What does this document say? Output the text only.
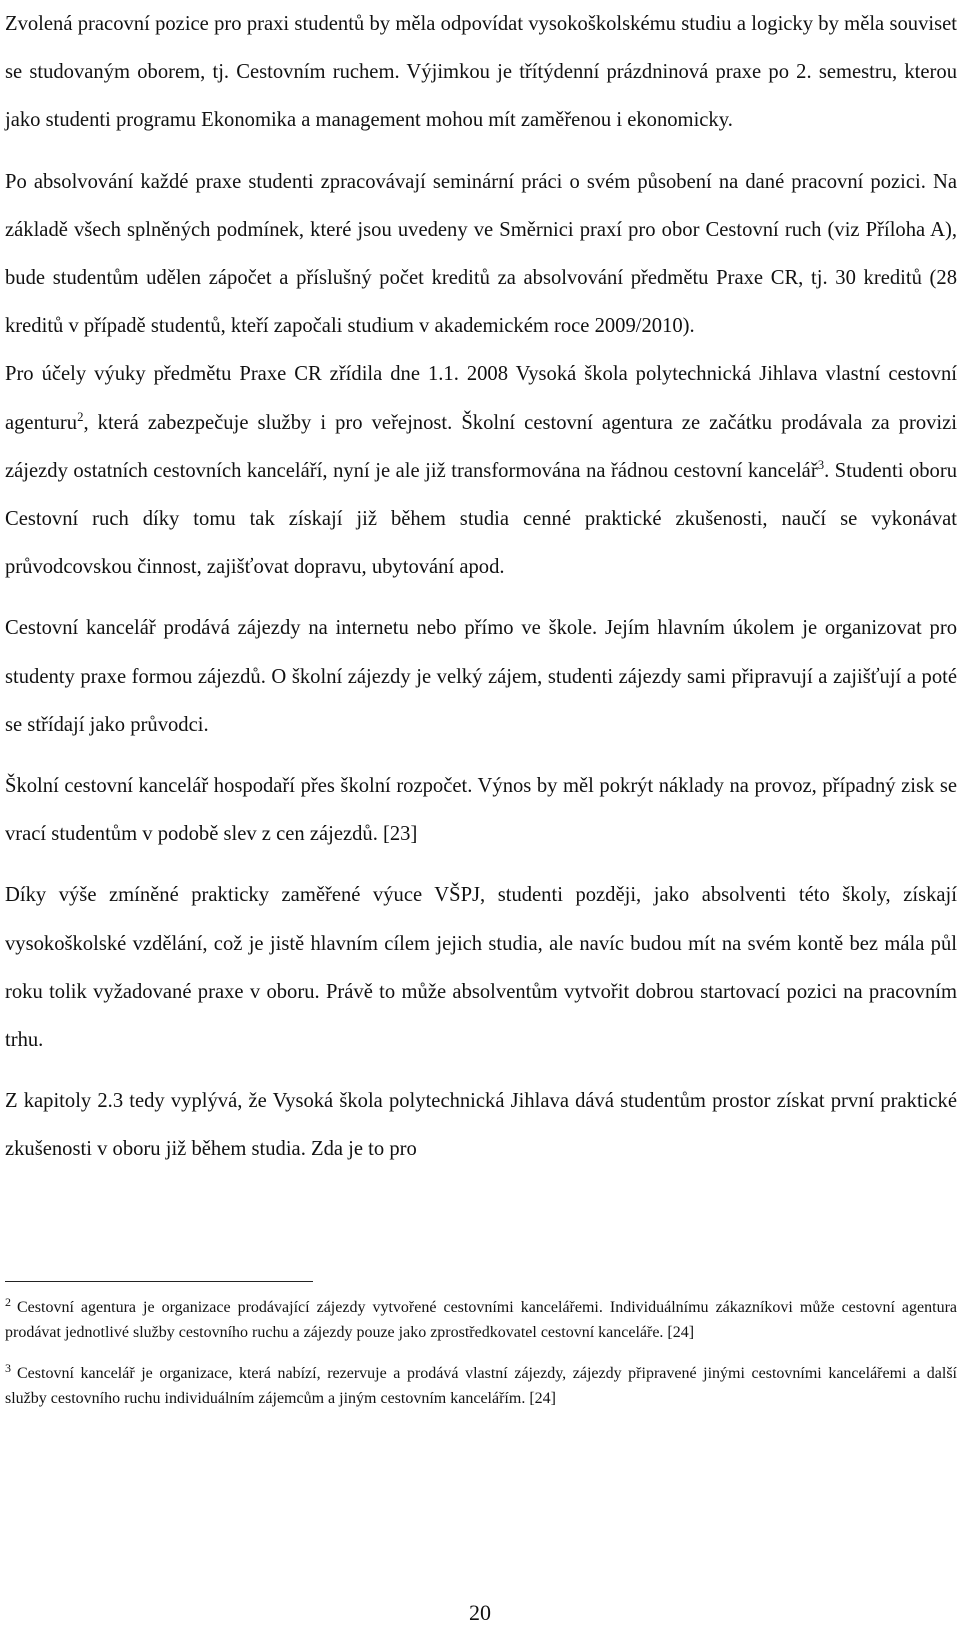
Zvolená pracovní pozice pro praxi studentů by měla odpovídat vysokoškolskému studiu a logicky by měla souviset se studovaným oborem, tj. Cestovním ruchem. Výjimkou je třítýdenní prázdninová praxe po 2. semestru, kterou jako studenti programu Ekonomika a management mohou mít zaměřenou i ekonomicky.

Po absolvování každé praxe studenti zpracovávají seminární práci o svém působení na dané pracovní pozici. Na základě všech splněných podmínek, které jsou uvedeny ve Směrnici praxí pro obor Cestovní ruch (viz Příloha A), bude studentům udělen zápočet a příslušný počet kreditů za absolvování předmětu Praxe CR, tj. 30 kreditů (28 kreditů v případě studentů, kteří započali studium v akademickém roce 2009/2010).

Pro účely výuky předmětu Praxe CR zřídila dne 1.1. 2008 Vysoká škola polytechnická Jihlava vlastní cestovní agenturu$^2$, která zabezpečuje služby i pro veřejnost. Školní cestovní agentura ze začátku prodávala za provizi zájezdy ostatních cestovních kanceláří, nyní je ale již transformována na řádnou cestovní kancelář$^3$. Studenti oboru Cestovní ruch díky tomu tak získají již během studia cenné praktické zkušenosti, naučí se vykonávat průvodcovskou činnost, zajišťovat dopravu, ubytování apod.

Cestovní kancelář prodává zájezdy na internetu nebo přímo ve škole. Jejím hlavním úkolem je organizovat pro studenty praxe formou zájezdů. O školní zájezdy je velký zájem, studenti zájezdy sami připravují a zajišťují a poté se střídají jako průvodci.

Školní cestovní kancelář hospodaří přes školní rozpočet. Výnos by měl pokrýt náklady na provoz, případný zisk se vrací studentům v podobě slev z cen zájezdů. [23]

Díky výše zmíněné prakticky zaměřené výuce VŠPJ, studenti později, jako absolventi této školy, získají vysokoškolské vzdělání, což je jistě hlavním cílem jejich studia, ale navíc budou mít na svém kontě bez mála půl roku tolik vyžadované praxe v oboru. Právě to může absolventům vytvořit dobrou startovací pozici na pracovním trhu.

Z kapitoly 2.3 tedy vyplývá, že Vysoká škola polytechnická Jihlava dává studentům prostor získat první praktické zkušenosti v oboru již během studia. Zda je to pro

$^2$ Cestovní agentura je organizace prodávající zájezdy vytvořené cestovními kancelářemi. Individuálnímu zákazníkovi může cestovní agentura prodávat jednotlivé služby cestovního ruchu a zájezdy pouze jako zprostředkovatel cestovní kanceláře. [24]

$^3$ Cestovní kancelář je organizace, která nabízí, rezervuje a prodává vlastní zájezdy, zájezdy připravené jinými cestovními kancelářemi a další služby cestovního ruchu individuálním zájemcům a jiným cestovním kancelářím. [24]

20
